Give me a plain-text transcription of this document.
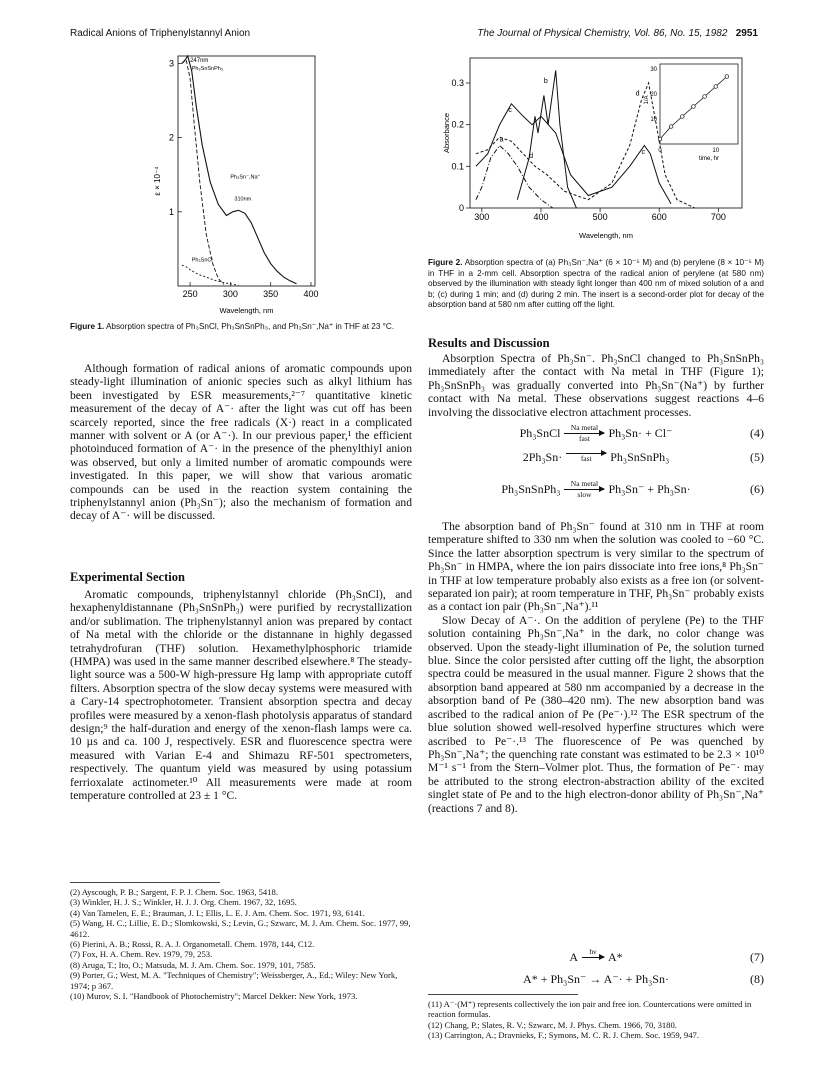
Radical Anions of Triphenylstannyl Anion	The Journal of Physical Chemistry, Vol. 86, No. 15, 1982 2951
250	300	350	400
1
2
3
Wavelength, nm
ε × 10⁻⁴
247nm
Ph₃SnSnPh₃
Ph₃Sn⁻,Na⁺
310nm
Ph₃SnCl
Figure 1. Absorption spectra of Ph₃SnCl, Ph₃SnSnPh₃, and Ph₃Sn⁻,Na⁺ in THF at 23 °C.
300	400	500	600	700
0
0.1
0.2
0.3
Wavelength, nm
Absorbance	a
b
c
d
c
d
0	10
10
20
30
time, hr
1/A
Figure 2. Absorption spectra of (a) Ph₃Sn⁻,Na⁺ (6 × 10⁻⁵ M) and (b) perylene (8 × 10⁻⁵ M) in THF in a 2-mm cell. Absorption spectra of the radical anion of perylene (at 580 nm) observed by the illumination with steady light longer than 400 nm of mixed solution of a and b; (c) during 1 min; and (d) during 2 min. The insert is a second-order plot for decay of the absorption band at 580 nm after cutting off the light.

Although formation of radical anions of aromatic compounds upon steady-light illumination of anionic species such as alkyl lithium has been investigated by ESR measurements,²⁻⁷ quantitative kinetic measurement of the decay of A⁻· after the light was cut off has been scarcely reported, since the free radicals (X·) react in a complicated manner with solvent or A (or A⁻·). In our previous paper,¹ the efficient photoinduced formation of A⁻· in the presence of the phenylthiyl anion was observed, but only a limited number of aromatic compounds were investigated. In this paper, we will show that various aromatic compounds can be used in the reaction system containing the triphenylstannyl anion (Ph₃Sn⁻); also the mechanism of formation and decay of A⁻· will be discussed.

Experimental Section

Aromatic compounds, triphenylstannyl chloride (Ph₃SnCl), and hexaphenyldistannane (Ph₃SnSnPh₃) were purified by recrystallization and/or sublimation. The triphenylstannyl anion was prepared by contact of Na metal with the chloride or the distannane in highly degassed tetrahydrofuran (THF) solution. Hexamethylphosphoric triamide (HMPA) was used in the same manner described elsewhere.⁸ The steady-light source was a 500-W high-pressure Hg lamp with appropriate cutoff filters. Absorption spectra of the slow decay systems were measured with a Cary-14 spectrophotometer. Transient absorption spectra and decay profiles were measured by a xenon-flash photolysis apparatus of standard design;⁹ the half-duration and energy of the xenon-flash lamps were ca. 10 µs and ca. 100 J, respectively. ESR and fluorescence spectra were measured with Varian E-4 and Shimazu RF-501 spectrometers, respectively. The quantum yield was measured by using potassium ferrioxalate actinometer.¹⁰ All measurements were made at room temperature controlled at 23 ± 1 °C.

(2) Ayscough, P. B.; Sargent, F. P. J. Chem. Soc. 1963, 5418.
(3) Winkler, H. J. S.; Winkler, H. J. J. Org. Chem. 1967, 32, 1695.
(4) Van Tamelen, E. E.; Brauman, J. I.; Ellis, L. E. J. Am. Chem. Soc. 1971, 93, 6141.
(5) Wang, H. C.; Lillie, E. D.; Slomkowski, S.; Levin, G.; Szwarc, M. J. Am. Chem. Soc. 1977, 99, 4612.
(6) Pierini, A. B.; Rossi, R. A. J. Organometall. Chem. 1978, 144, C12.
(7) Fox, H. A. Chem. Rev. 1979, 79, 253.
(8) Aruga, T.; Ito, O.; Matsuda, M. J. Am. Chem. Soc. 1979, 101, 7585.
(9) Porter, G.; West, M. A. "Techniques of Chemistry"; Weissberger, A., Ed.; Wiley: New York, 1974; p 367.
(10) Murov, S. I. "Handbook of Photochemistry"; Marcel Dekker: New York, 1973.
Results and Discussion

Absorption Spectra of Ph₃Sn⁻. Ph₃SnCl changed to Ph₃SnSnPh₃ immediately after the contact with Na metal in THF (Figure 1); Ph₃SnSnPh₃ was gradually converted into Ph₃Sn⁻(Na⁺) by further contact with Na metal. These observations suggest reactions 4–6 involving the dissociative electron attachment processes.

Ph₃SnCl Na metal
fast Ph₃Sn· + Cl⁻	(4)
2Ph₃Sn· fast Ph₃SnSnPh₃	(5)
Ph₃SnSnPh₃ Na metal
slow Ph₃Sn⁻ + Ph₃Sn·	(6)

The absorption band of Ph₃Sn⁻ found at 310 nm in THF at room temperature shifted to 330 nm when the solution was cooled to −60 °C. Since the latter absorption spectrum is very similar to the spectrum of Ph₃Sn⁻ in HMPA, where the ion pairs dissociate into free ions,⁸ Ph₃Sn⁻ in THF at low temperature probably also exists as a free ion (or solvent-separated ion pair); at room temperature in THF, Ph₃Sn⁻ probably exists as a contact ion pair (Ph₃Sn⁻,Na⁺).¹¹

Slow Decay of A⁻·. On the addition of perylene (Pe) to the THF solution containing Ph₃Sn⁻,Na⁺ in the dark, no color change was observed. Upon the steady-light illumination of Pe, the solution turned blue. Since the color persisted after cutting off the light, the absorption spectra could be measured in the usual manner. Figure 2 shows that the absorption band appeared at 580 nm accompanied by a decrease in the absorption band of Pe (380–420 nm). The new absorption band was ascribed to the radical anion of Pe (Pe⁻·).¹² The ESR spectrum of the blue solution showed well-resolved hyperfine structures which were ascribed to Pe⁻·.¹³ The fluorescence of Pe was quenched by Ph₃Sn⁻,Na⁺; the quenching rate constant was estimated to be 2.3 × 10¹⁰ M⁻¹ s⁻¹ from the Stern–Volmer plot. Thus, the formation of Pe⁻· may be attributed to the strong electron-abstraction ability of the excited singlet state of Pe and to the high electron-donor ability of Ph₃Sn⁻,Na⁺ (reactions 7 and 8).

A hν
A*	(7)
A* + Ph₃Sn⁻ → A⁻· + Ph₃Sn·	(8)
(11) A⁻·(M⁺) represents collectively the ion pair and free ion. Countercations were omitted in reaction formulas.
(12) Chang, P.; Slates, R. V.; Szwarc, M. J. Phys. Chem. 1966, 70, 3180.
(13) Carrington, A.; Dravnieks, F.; Symons, M. C. R. J. Chem. Soc. 1959, 947.
